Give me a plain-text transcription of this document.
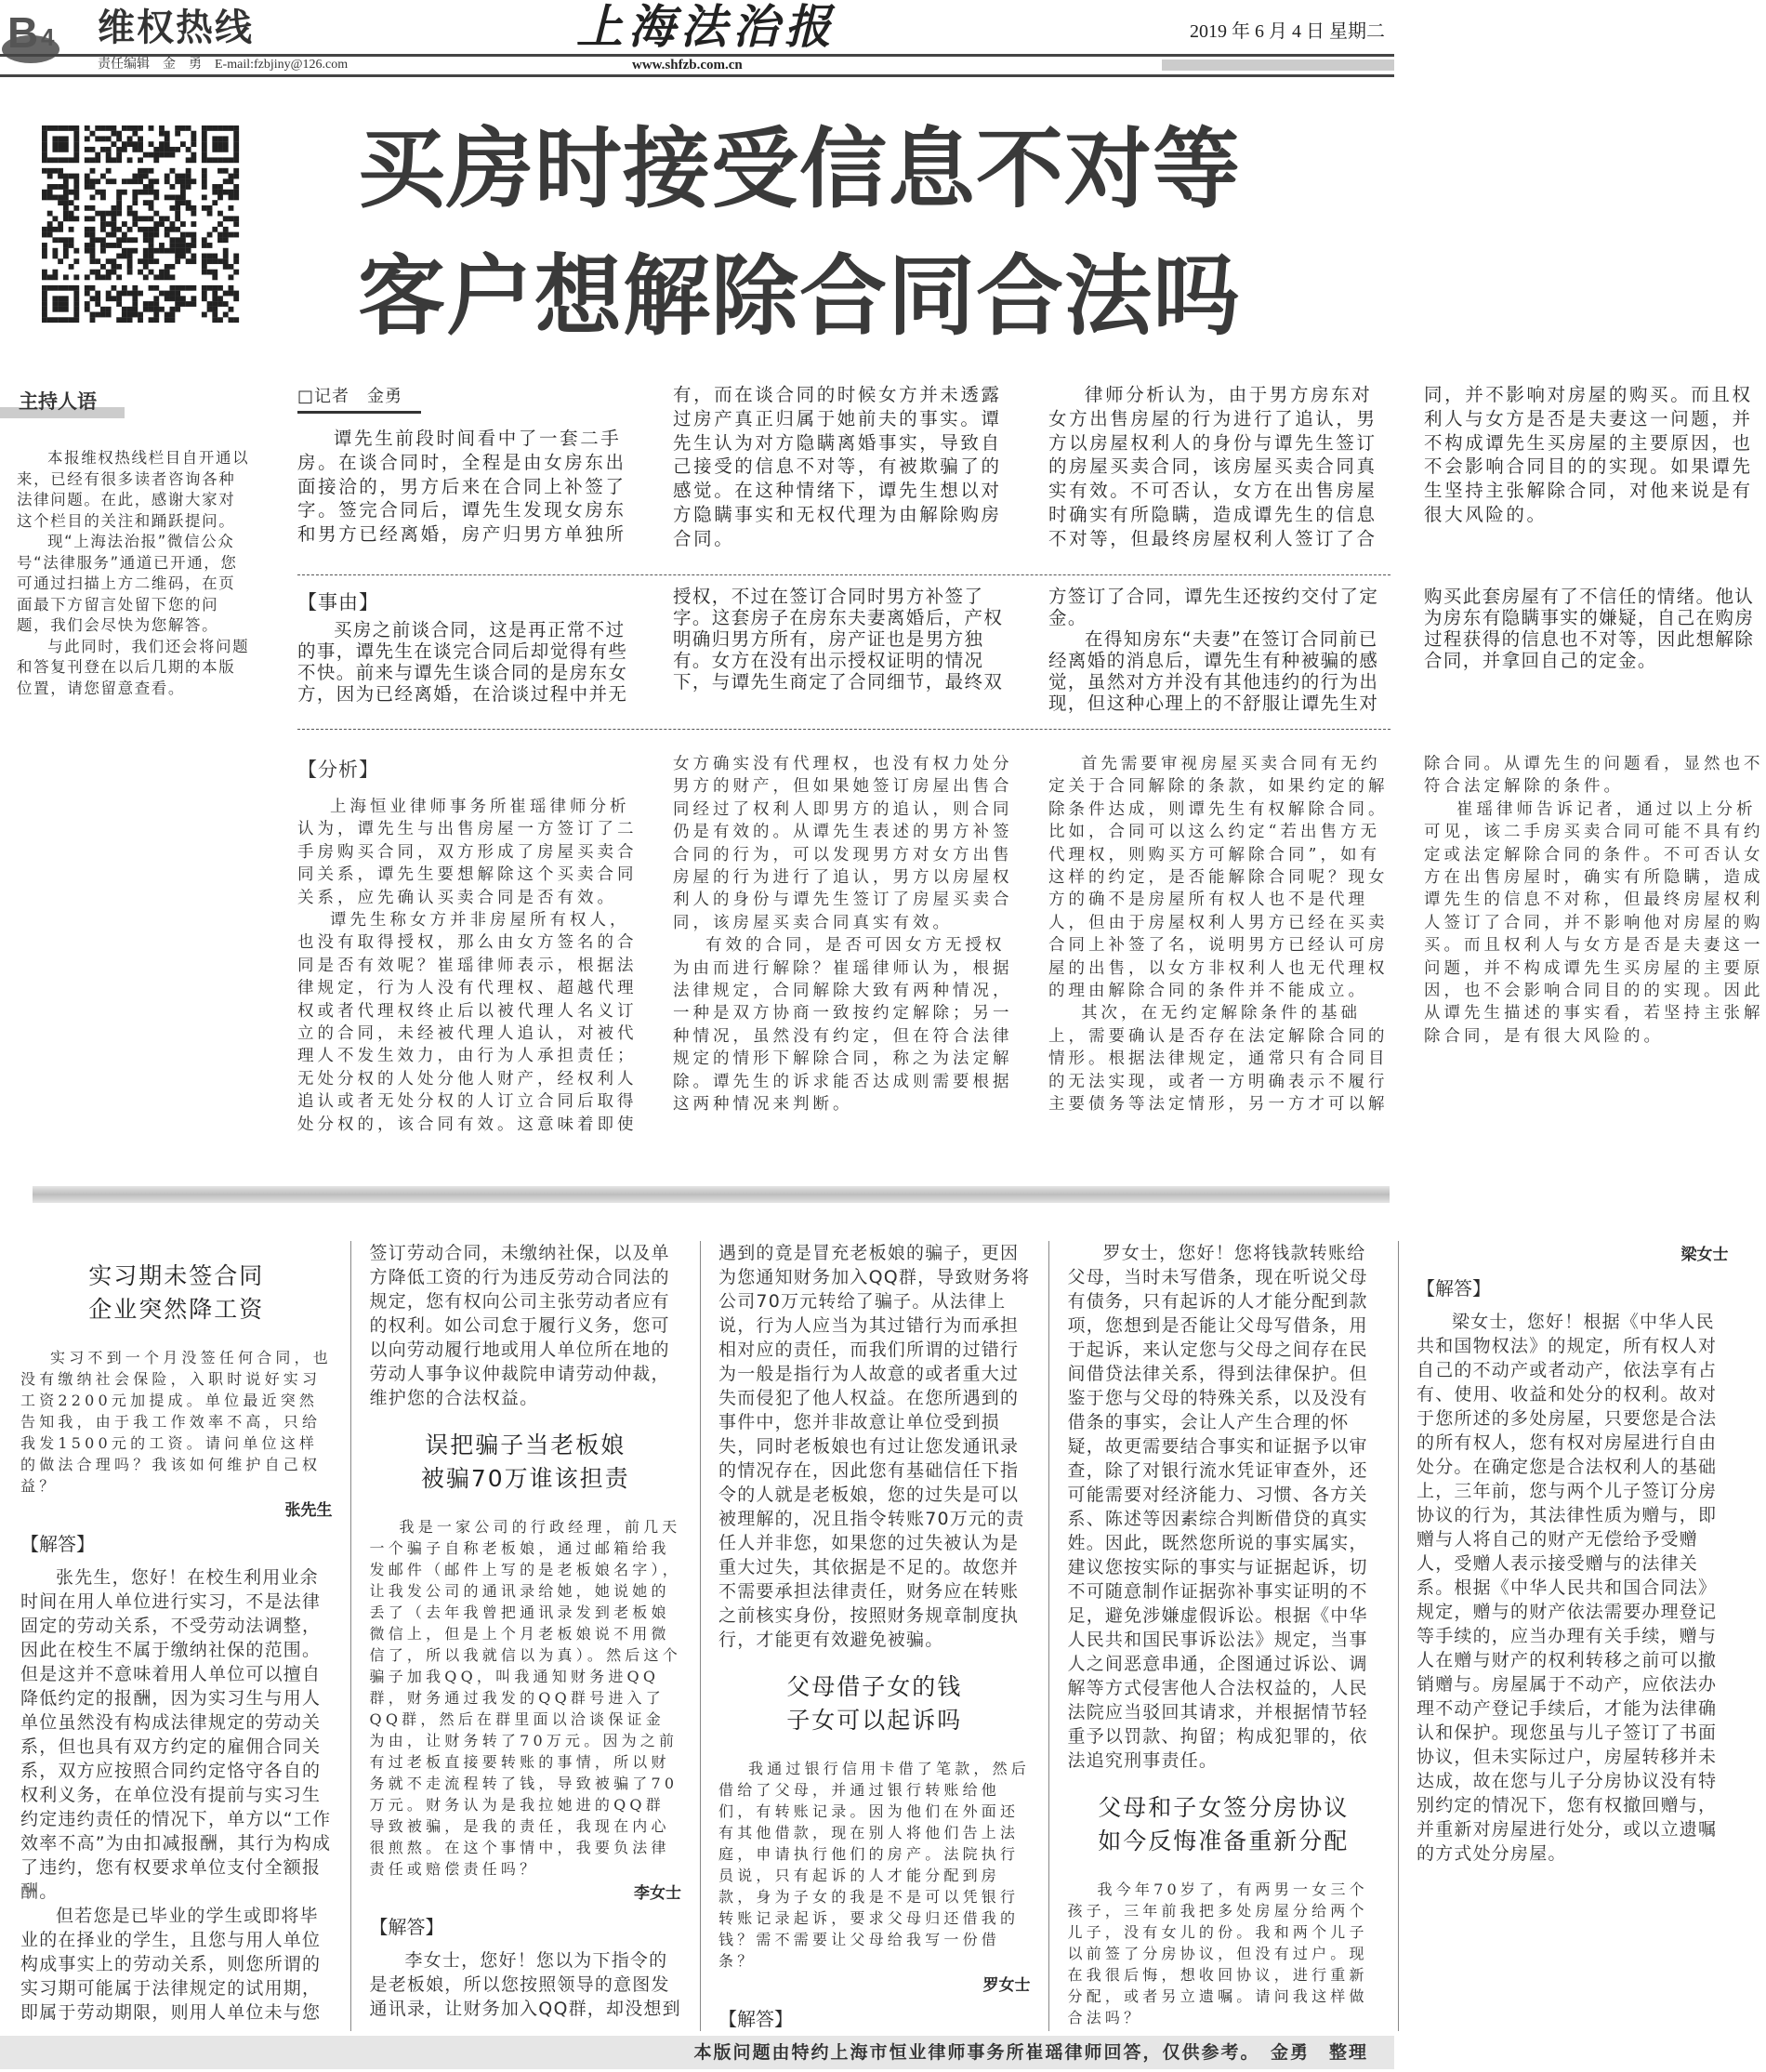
B 4 维权热线	上海法治报	2019 年 6 月 4 日 星期二
责任编辑　金　勇　E-mail:fzbjiny@126.com	www.shfzb.com.cn
买房时接受信息不对等
客户想解除合同合法吗
主持人语

本报维权热线栏目自开通以来，已经有很多读者咨询各种法律问题。在此，感谢大家对这个栏目的关注和踊跃提问。

现“上海法治报”微信公众号“法律服务”通道已开通，您可通过扫描上方二维码，在页面最下方留言处留下您的问题，我们会尽快为您解答。

与此同时，我们还会将问题和答复刊登在以后几期的本版位置，请您留意查看。

□记者　金勇

谭先生前段时间看中了一套二手房。在谈合同时，全程是由女房东出面接洽的，男方后来在合同上补签了字。签完合同后，谭先生发现女房东和男方已经离婚，房产归男方单独所有，而在谈合同的时候女方并未透露过房产真正归属于她前夫的事实。谭先生认为对方隐瞒离婚事实，导致自己接受的信息不对等，有被欺骗了的感觉。在这种情绪下，谭先生想以对方隐瞒事实和无权代理为由解除购房合同。

律师分析认为，由于男方房东对女方出售房屋的行为进行了追认，男方以房屋权利人的身份与谭先生签订的房屋买卖合同，该房屋买卖合同真实有效。不可否认，女方在出售房屋时确实有所隐瞒，造成谭先生的信息不对等，但最终房屋权利人签订了合同，并不影响对房屋的购买。而且权利人与女方是否是夫妻这一问题，并不构成谭先生买房屋的主要原因，也不会影响合同目的的实现。如果谭先生坚持主张解除合同，对他来说是有很大风险的。

【事由】

买房之前谈合同，这是再正常不过的事，谭先生在谈完合同后却觉得有些不快。前来与谭先生谈合同的是房东女方，因为已经离婚，在洽谈过程中并无授权，不过在签订合同时男方补签了字。这套房子在房东夫妻离婚后，产权明确归男方所有，房产证也是男方独有。女方在没有出示授权证明的情况下，与谭先生商定了合同细节，最终双方签订了合同，谭先生还按约交付了定金。

在得知房东“夫妻”在签订合同前已经离婚的消息后，谭先生有种被骗的感觉，虽然对方并没有其他违约的行为出现，但这种心理上的不舒服让谭先生对购买此套房屋有了不信任的情绪。他认为房东有隐瞒事实的嫌疑，自己在购房过程获得的信息也不对等，因此想解除合同，并拿回自己的定金。

【分析】

上海恒业律师事务所崔瑶律师分析认为，谭先生与出售房屋一方签订了二手房购买合同，双方形成了房屋买卖合同关系，谭先生要想解除这个买卖合同关系，应先确认买卖合同是否有效。

谭先生称女方并非房屋所有权人，也没有取得授权，那么由女方签名的合同是否有效呢？崔瑶律师表示，根据法律规定，行为人没有代理权、超越代理权或者代理权终止后以被代理人名义订立的合同，未经被代理人追认，对被代理人不发生效力，由行为人承担责任；无处分权的人处分他人财产，经权利人追认或者无处分权的人订立合同后取得处分权的，该合同有效。这意味着即使女方确实没有代理权，也没有权力处分男方的财产，但如果她签订房屋出售合同经过了权利人即男方的追认，则合同仍是有效的。从谭先生表述的男方补签合同的行为，可以发现男方对女方出售房屋的行为进行了追认，男方以房屋权利人的身份与谭先生签订了房屋买卖合同，该房屋买卖合同真实有效。

有效的合同，是否可因女方无授权为由而进行解除？崔瑶律师认为，根据法律规定，合同解除大致有两种情况，一种是双方协商一致按约定解除；另一种情况，虽然没有约定，但在符合法律规定的情形下解除合同，称之为法定解除。谭先生的诉求能否达成则需要根据这两种情况来判断。

首先需要审视房屋买卖合同有无约定关于合同解除的条款，如果约定的解除条件达成，则谭先生有权解除合同。比如，合同可以这么约定“若出售方无代理权，则购买方可解除合同”，如有这样的约定，是否能解除合同呢？现女方的确不是房屋所有权人也不是代理人，但由于房屋权利人男方已经在买卖合同上补签了名，说明男方已经认可房屋的出售，以女方非权利人也无代理权的理由解除合同的条件并不能成立。

其次，在无约定解除条件的基础上，需要确认是否存在法定解除合同的情形。根据法律规定，通常只有合同目的无法实现，或者一方明确表示不履行主要债务等法定情形，另一方才可以解除合同。从谭先生的问题看，显然也不符合法定解除的条件。

崔瑶律师告诉记者，通过以上分析可见，该二手房买卖合同可能不具有约定或法定解除合同的条件。不可否认女方在出售房屋时，确实有所隐瞒，造成谭先生的信息不对称，但最终房屋权利人签订了合同，并不影响他对房屋的购买。而且权利人与女方是否是夫妻这一问题，并不构成谭先生买房屋的主要原因，也不会影响合同目的的实现。因此从谭先生描述的事实看，若坚持主张解除合同，是有很大风险的。

实习期未签合同
企业突然降工资

实习不到一个月没签任何合同，也没有缴纳社会保险，入职时说好实习工资2200元加提成。单位最近突然告知我，由于我工作效率不高，只给我发1500元的工资。请问单位这样的做法合理吗？我该如何维护自己权益？

张先生
【解答】

张先生，您好！在校生利用业余时间在用人单位进行实习，不是法律固定的劳动关系，不受劳动法调整，因此在校生不属于缴纳社保的范围。但是这并不意味着用人单位可以擅自降低约定的报酬，因为实习生与用人单位虽然没有构成法律规定的劳动关系，但也具有双方约定的雇佣合同关系，双方应按照合同约定恪守各自的权利义务，在单位没有提前与实习生约定违约责任的情况下，单方以“工作效率不高”为由扣减报酬，其行为构成了违约，您有权要求单位支付全额报酬。

但若您是已毕业的学生或即将毕业的在择业的学生，且您与用人单位构成事实上的劳动关系，则您所谓的实习期可能属于法律规定的试用期，即属于劳动期限，则用人单位未与您签订劳动合同，未缴纳社保，以及单方降低工资的行为违反劳动合同法的规定，您有权向公司主张劳动者应有的权利。如公司怠于履行义务，您可以向劳动履行地或用人单位所在地的劳动人事争议仲裁院申请劳动仲裁，维护您的合法权益。

误把骗子当老板娘
被骗70万谁该担责

我是一家公司的行政经理，前几天一个骗子自称老板娘，通过邮箱给我发邮件（邮件上写的是老板娘名字），让我发公司的通讯录给她，她说她的丢了（去年我曾把通讯录发到老板娘微信上，但是上个月老板娘说不用微信了，所以我就信以为真）。然后这个骗子加我QQ，叫我通知财务进QQ群，财务通过我发的QQ群号进入了QQ群，然后在群里面以洽谈保证金为由，让财务转了70万元。因为之前有过老板直接要转账的事情，所以财务就不走流程转了钱，导致被骗了70万元。财务认为是我拉她进的QQ群导致被骗，是我的责任，我现在内心很煎熬。在这个事情中，我要负法律责任或赔偿责任吗？

李女士
【解答】

李女士，您好！您以为下指令的是老板娘，所以您按照领导的意图发通讯录，让财务加入QQ群，却没想到遇到的竟是冒充老板娘的骗子，更因为您通知财务加入QQ群，导致财务将公司70万元转给了骗子。从法律上说，行为人应当为其过错行为而承担相对应的责任，而我们所谓的过错行为一般是指行为人故意的或者重大过失而侵犯了他人权益。在您所遇到的事件中，您并非故意让单位受到损失，同时老板娘也有过让您发通讯录的情况存在，因此您有基础信任下指令的人就是老板娘，您的过失是可以被理解的，况且指令转账70万元的责任人并非您，如果您的过失被认为是重大过失，其依据是不足的。故您并不需要承担法律责任，财务应在转账之前核实身份，按照财务规章制度执行，才能更有效避免被骗。

父母借子女的钱
子女可以起诉吗

我通过银行信用卡借了笔款，然后借给了父母，并通过银行转账给他们，有转账记录。因为他们在外面还有其他借款，现在别人将他们告上法庭，申请执行他们的房产。法院执行员说，只有起诉的人才能分配到房款，身为子女的我是不是可以凭银行转账记录起诉，要求父母归还借我的钱？需不需要让父母给我写一份借条？

罗女士
【解答】

罗女士，您好！您将钱款转账给父母，当时未写借条，现在听说父母有债务，只有起诉的人才能分配到款项，您想到是否能让父母写借条，用于起诉，来认定您与父母之间存在民间借贷法律关系，得到法律保护。但鉴于您与父母的特殊关系，以及没有借条的事实，会让人产生合理的怀疑，故更需要结合事实和证据予以审查，除了对银行流水凭证审查外，还可能需要对经济能力、习惯、各方关系、陈述等因素综合判断借贷的真实姓。因此，既然您所说的事实属实，建议您按实际的事实与证据起诉，切不可随意制作证据弥补事实证明的不足，避免涉嫌虚假诉讼。根据《中华人民共和国民事诉讼法》规定，当事人之间恶意串通，企图通过诉讼、调解等方式侵害他人合法权益的，人民法院应当驳回其请求，并根据情节轻重予以罚款、拘留；构成犯罪的，依法追究刑事责任。

父母和子女签分房协议
如今反悔准备重新分配

我今年70岁了，有两男一女三个孩子，三年前我把多处房屋分给两个儿子，没有女儿的份。我和两个儿子以前签了分房协议，但没有过户。现在我很后悔，想收回协议，进行重新分配，或者另立遗嘱。请问我这样做合法吗？

梁女士
【解答】

梁女士，您好！根据《中华人民共和国物权法》的规定，所有权人对自己的不动产或者动产，依法享有占有、使用、收益和处分的权利。故对于您所述的多处房屋，只要您是合法的所有权人，您有权对房屋进行自由处分。在确定您是合法权利人的基础上，三年前，您与两个儿子签订分房协议的行为，其法律性质为赠与，即赠与人将自己的财产无偿给予受赠人，受赠人表示接受赠与的法律关系。根据《中华人民共和国合同法》规定，赠与的财产依法需要办理登记等手续的，应当办理有关手续，赠与人在赠与财产的权利转移之前可以撤销赠与。房屋属于不动产，应依法办理不动产登记手续后，才能为法律确认和保护。现您虽与儿子签订了书面协议，但未实际过户，房屋转移并未达成，故在您与儿子分房协议没有特别约定的情况下，您有权撤回赠与，并重新对房屋进行处分，或以立遗嘱的方式处分房屋。

本版问题由特约上海市恒业律师事务所崔瑶律师回答，仅供参考。　金勇　整理
